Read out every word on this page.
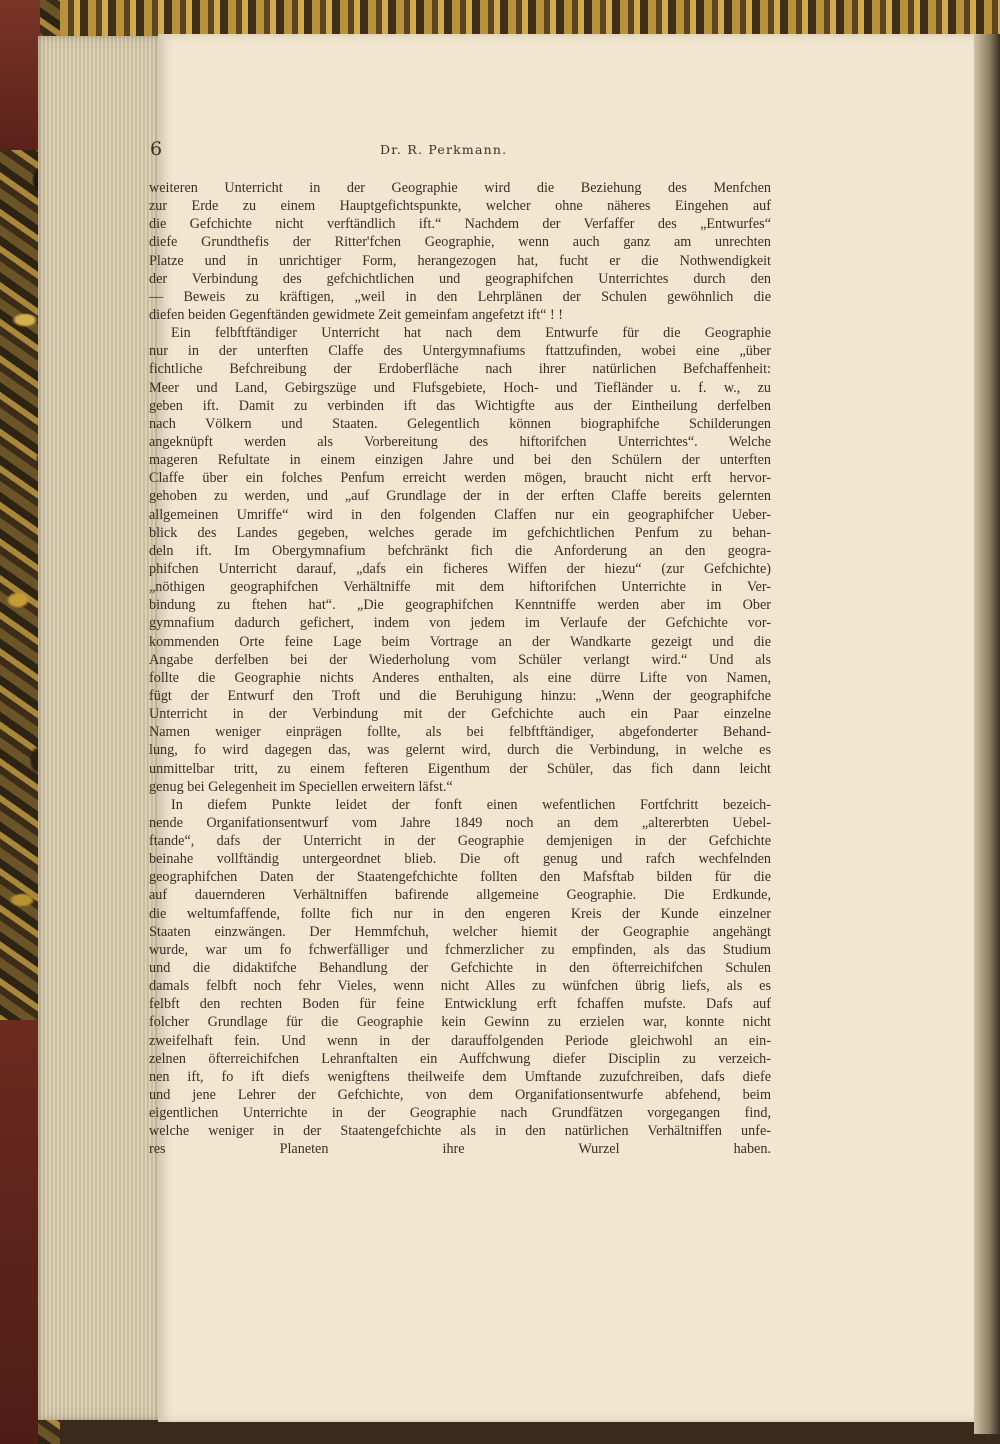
6	Dr. R. Perkmann.
weiteren Unterricht in der Geographie wird die Beziehung des Menfchen
zur Erde zu einem Hauptgefichtspunkte, welcher ohne näheres Eingehen auf
die Gefchichte nicht verftändlich ift.“ Nachdem der Verfaffer des „Entwurfes“
diefe Grundthefis der Ritter'fchen Geographie, wenn auch ganz am unrechten
Platze und in unrichtiger Form, herangezogen hat, fucht er die Nothwendigkeit
der Verbindung des gefchichtlichen und geographifchen Unterrichtes durch den
— Beweis zu kräftigen, „weil in den Lehrplänen der Schulen gewöhnlich die
diefen beiden Gegenftänden gewidmete Zeit gemeinfam angefetzt ift“ ! !
Ein felbftftändiger Unterricht hat nach dem Entwurfe für die Geographie
nur in der unterften Claffe des Untergymnafiums ftattzufinden, wobei eine „über
fichtliche Befchreibung der Erdoberfläche nach ihrer natürlichen Befchaffenheit:
Meer und Land, Gebirgszüge und Flufsgebiete, Hoch- und Tiefländer u. f. w., zu
geben ift. Damit zu verbinden ift das Wichtigfte aus der Eintheilung derfelben
nach Völkern und Staaten. Gelegentlich können biographifche Schilderungen
angeknüpft werden als Vorbereitung des hiftorifchen Unterrichtes“. Welche
mageren Refultate in einem einzigen Jahre und bei den Schülern der unterften
Claffe über ein folches Penfum erreicht werden mögen, braucht nicht erft hervor-
gehoben zu werden, und „auf Grundlage der in der erften Claffe bereits gelernten
allgemeinen Umriffe“ wird in den folgenden Claffen nur ein geographifcher Ueber-
blick des Landes gegeben, welches gerade im gefchichtlichen Penfum zu behan-
deln ift. Im Obergymnafium befchränkt fich die Anforderung an den geogra-
phifchen Unterricht darauf, „dafs ein ficheres Wiffen der hiezu“ (zur Gefchichte)
„nöthigen geographifchen Verhältniffe mit dem hiftorifchen Unterrichte in Ver-
bindung zu ftehen hat“. „Die geographifchen Kenntniffe werden aber im Ober
gymnafium dadurch gefichert, indem von jedem im Verlaufe der Gefchichte vor-
kommenden Orte feine Lage beim Vortrage an der Wandkarte gezeigt und die
Angabe derfelben bei der Wiederholung vom Schüler verlangt wird.“ Und als
follte die Geographie nichts Anderes enthalten, als eine dürre Lifte von Namen,
fügt der Entwurf den Troft und die Beruhigung hinzu: „Wenn der geographifche
Unterricht in der Verbindung mit der Gefchichte auch ein Paar einzelne
Namen weniger einprägen follte, als bei felbftftändiger, abgefonderter Behand-
lung, fo wird dagegen das, was gelernt wird, durch die Verbindung, in welche es
unmittelbar tritt, zu einem fefteren Eigenthum der Schüler, das fich dann leicht
genug bei Gelegenheit im Speciellen erweitern läfst.“
In diefem Punkte leidet der fonft einen wefentlichen Fortfchritt bezeich-
nende Organifationsentwurf vom Jahre 1849 noch an dem „altererbten Uebel-
ftande“, dafs der Unterricht in der Geographie demjenigen in der Gefchichte
beinahe vollftändig untergeordnet blieb. Die oft genug und rafch wechfelnden
geographifchen Daten der Staatengefchichte follten den Mafsftab bilden für die
auf dauernderen Verhältniffen bafirende allgemeine Geographie. Die Erdkunde,
die weltumfaffende, follte fich nur in den engeren Kreis der Kunde einzelner
Staaten einzwängen. Der Hemmfchuh, welcher hiemit der Geographie angehängt
wurde, war um fo fchwerfälliger und fchmerzlicher zu empfinden, als das Studium
und die didaktifche Behandlung der Gefchichte in den öfterreichifchen Schulen
damals felbft noch fehr Vieles, wenn nicht Alles zu wünfchen übrig liefs, als es
felbft den rechten Boden für feine Entwicklung erft fchaffen mufste. Dafs auf
folcher Grundlage für die Geographie kein Gewinn zu erzielen war, konnte nicht
zweifelhaft fein. Und wenn in der darauffolgenden Periode gleichwohl an ein-
zelnen öfterreichifchen Lehranftalten ein Auffchwung diefer Disciplin zu verzeich-
nen ift, fo ift diefs wenigftens theilweife dem Umftande zuzufchreiben, dafs diefe
und jene Lehrer der Gefchichte, von dem Organifationsentwurfe abfehend, beim
eigentlichen Unterrichte in der Geographie nach Grundfätzen vorgegangen find,
welche weniger in der Staatengefchichte als in den natürlichen Verhältniffen unfe-
res Planeten ihre Wurzel haben.
